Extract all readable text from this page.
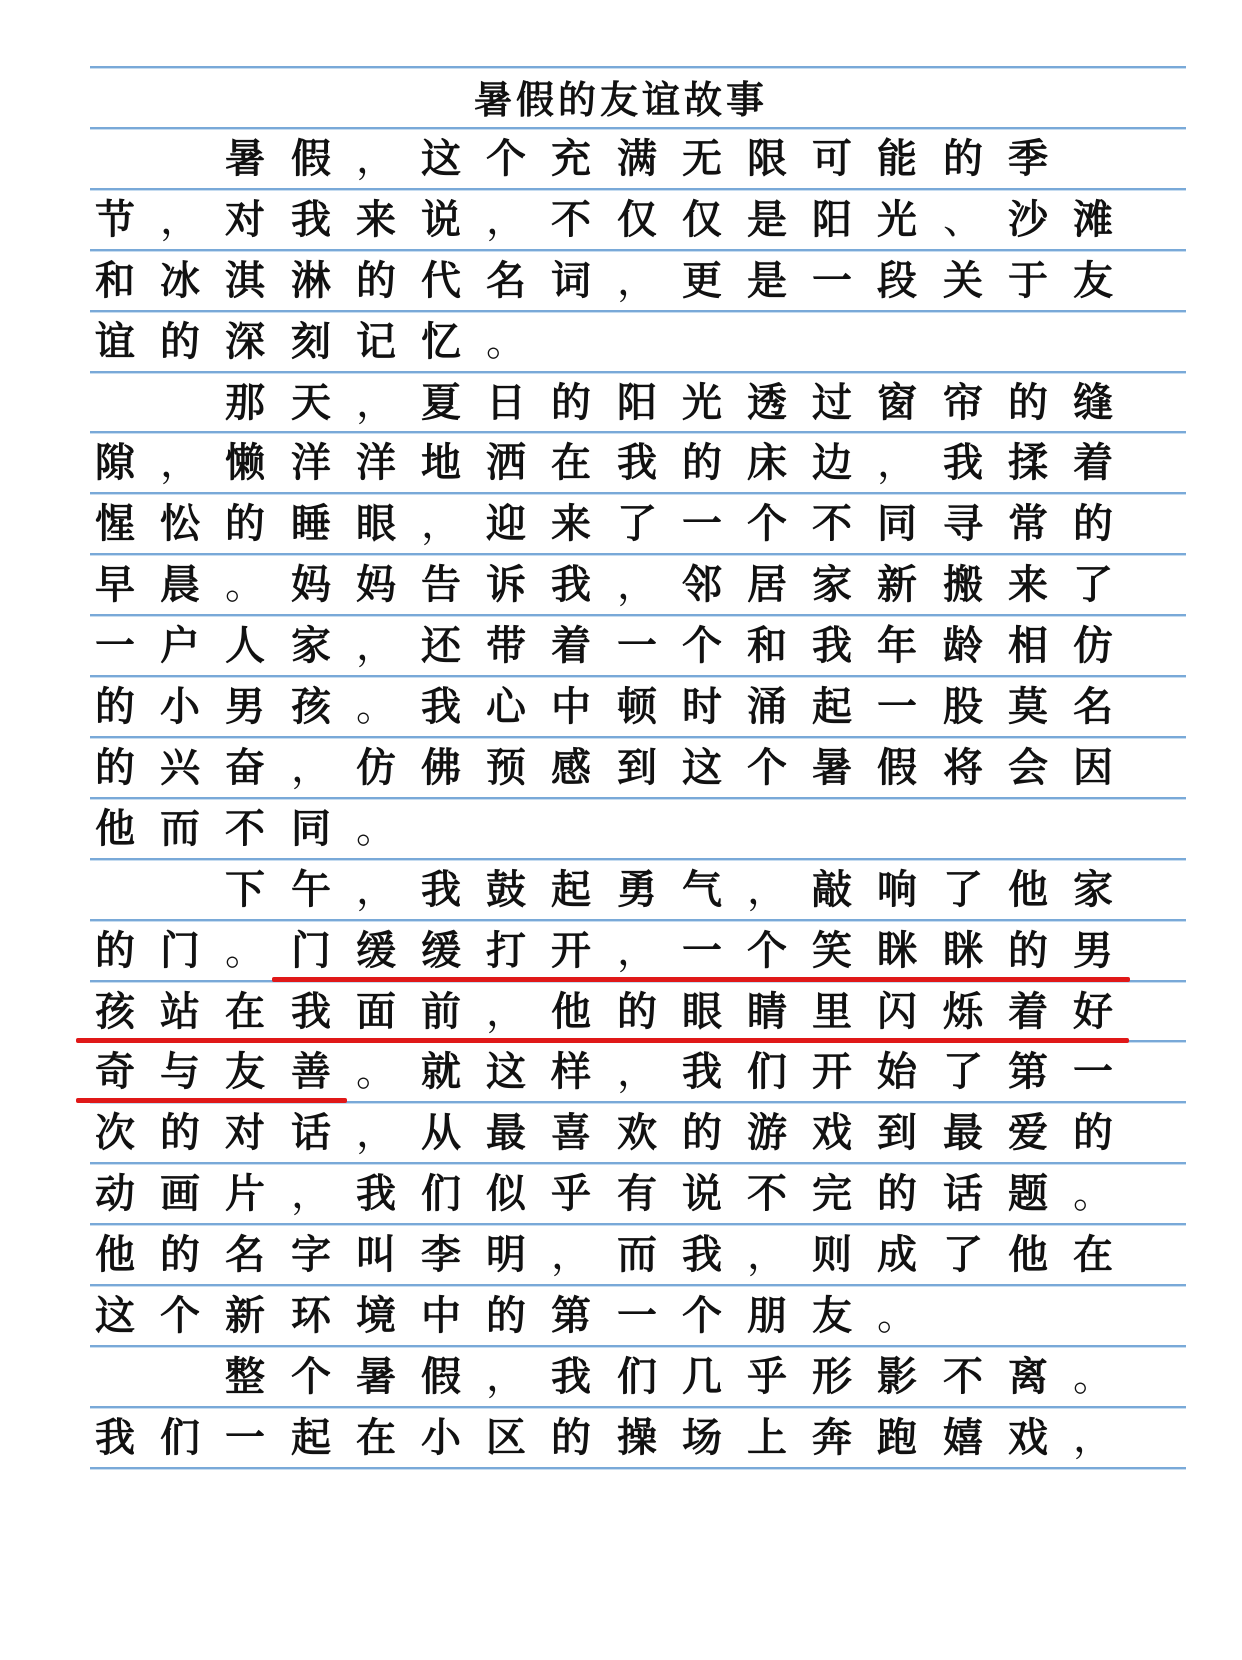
暑假的友谊故事
暑 假 ， 这 个 充 满 无 限 可 能 的 季
节 ， 对 我 来 说 ， 不 仅 仅 是 阳 光 、 沙 滩
和 冰 淇 淋 的 代 名 词 ， 更 是 一 段 关 于 友
谊 的 深 刻 记 忆 。
那 天 ， 夏 日 的 阳 光 透 过 窗 帘 的 缝
隙 ， 懒 洋 洋 地 洒 在 我 的 床 边 ， 我 揉 着
惺 忪 的 睡 眼 ， 迎 来 了 一 个 不 同 寻 常 的
早 晨 。 妈 妈 告 诉 我 ， 邻 居 家 新 搬 来 了
一 户 人 家 ， 还 带 着 一 个 和 我 年 龄 相 仿
的 小 男 孩 。 我 心 中 顿 时 涌 起 一 股 莫 名
的 兴 奋 ， 仿 佛 预 感 到 这 个 暑 假 将 会 因
他 而 不 同 。
下 午 ， 我 鼓 起 勇 气 ， 敲 响 了 他 家
的 门 。 门 缓 缓 打 开 ， 一 个 笑 眯 眯 的 男
孩 站 在 我 面 前 ， 他 的 眼 睛 里 闪 烁 着 好
奇 与 友 善 。 就 这 样 ， 我 们 开 始 了 第 一
次 的 对 话 ， 从 最 喜 欢 的 游 戏 到 最 爱 的
动 画 片 ， 我 们 似 乎 有 说 不 完 的 话 题 。
他 的 名 字 叫 李 明 ， 而 我 ， 则 成 了 他 在
这 个 新 环 境 中 的 第 一 个 朋 友 。
整 个 暑 假 ， 我 们 几 乎 形 影 不 离 。
我 们 一 起 在 小 区 的 操 场 上 奔 跑 嬉 戏 ，
